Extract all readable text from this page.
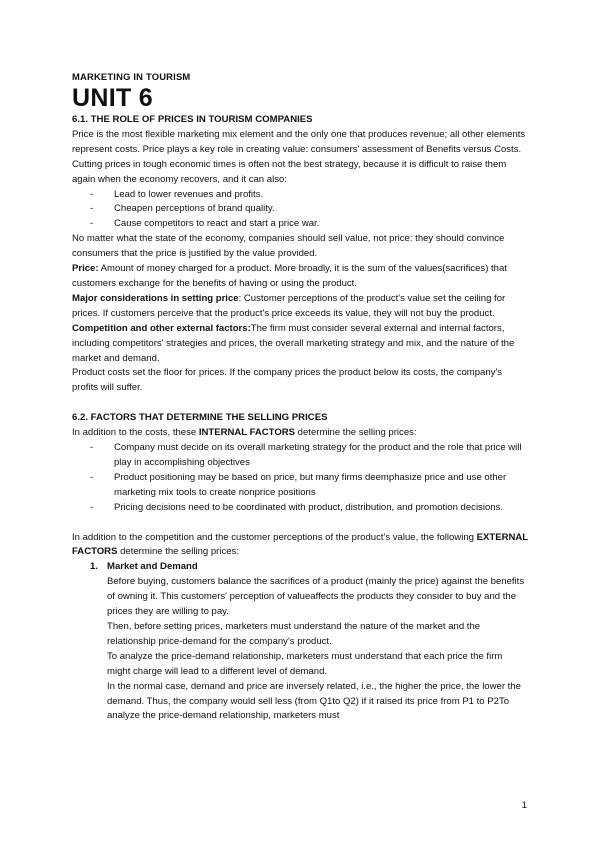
MARKETING IN TOURISM
UNIT 6
6.1. THE ROLE OF PRICES IN TOURISM COMPANIES

Price is the most flexible marketing mix element and the only one that produces revenue; all other elements represent costs. Price plays a key role in creating value: consumers' assessment of Benefits versus Costs.

Cutting prices in tough economic times is often not the best strategy, because it is difficult to raise them again when the economy recovers, and it can also:

- Lead to lower revenues and profits.
- Cheapen perceptions of brand quality.
- Cause competitors to react and start a price war.

No matter what the state of the economy, companies should sell value, not price: they should convince consumers that the price is justified by the value provided.

Price: Amount of money charged for a product. More broadly, it is the sum of the values(sacrifices) that customers exchange for the benefits of having or using the product.

Major considerations in setting price: Customer perceptions of the product's value set the ceiling for prices. If customers perceive that the product's price exceeds its value, they will not buy the product.

Competition and other external factors:The firm must consider several external and internal factors, including competitors' strategies and prices, the overall marketing strategy and mix, and the nature of the market and demand.

Product costs set the floor for prices. If the company prices the product below its costs, the company's profits will suffer.

6.2. FACTORS THAT DETERMINE THE SELLING PRICES

In addition to the costs, these INTERNAL FACTORS determine the selling prices:

- Company must decide on its overall marketing strategy for the product and the role that price will play in accomplishing objectives
- Product positioning may be based on price, but many firms deemphasize price and use other marketing mix tools to create nonprice positions
- Pricing decisions need to be coordinated with product, distribution, and promotion decisions.

In addition to the competition and the customer perceptions of the product's value, the following EXTERNAL FACTORS determine the selling prices:

1. Market and Demand

Before buying, customers balance the sacrifices of a product (mainly the price) against the benefits of owning it. This customers' perception of valueaffects the products they consider to buy and the prices they are willing to pay.

Then, before setting prices, marketers must understand the nature of the market and the relationship price-demand for the company's product.

To analyze the price-demand relationship, marketers must understand that each price the firm might charge will lead to a different level of demand.

In the normal case, demand and price are inversely related, i.e., the higher the price, the lower the demand. Thus, the company would sell less (from Q1to Q2) if it raised its price from P1 to P2To analyze the price-demand relationship, marketers must

1
